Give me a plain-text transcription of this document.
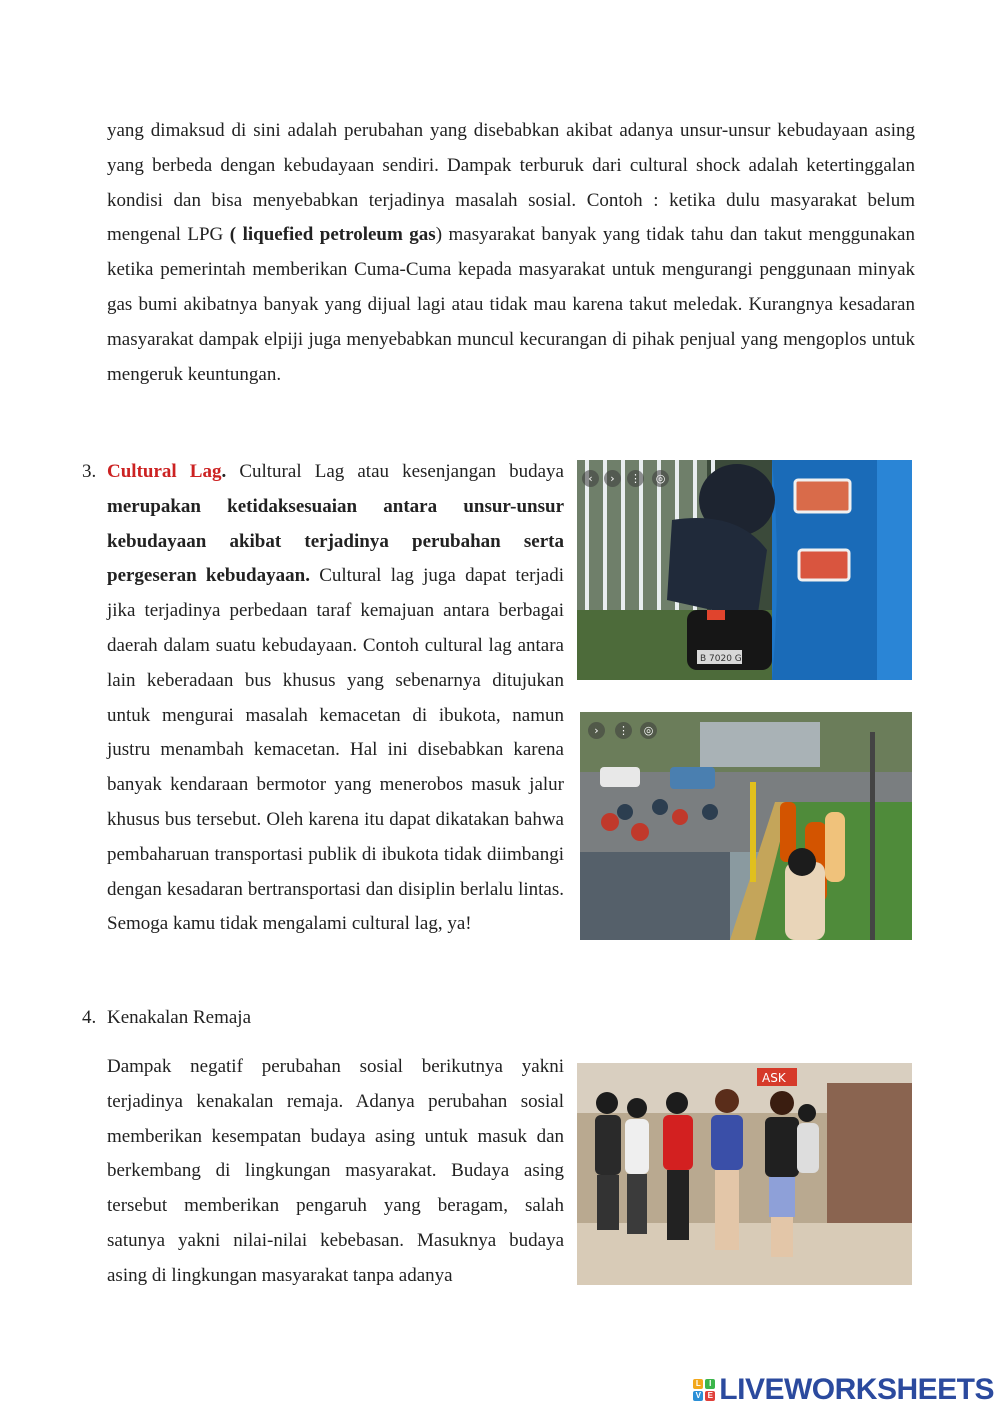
yang dimaksud di sini adalah perubahan yang disebabkan akibat adanya unsur-unsur kebudayaan asing yang berbeda dengan kebudayaan sendiri. Dampak terburuk dari cultural shock adalah ketertinggalan kondisi dan bisa menyebabkan terjadinya masalah sosial. Contoh : ketika dulu masyarakat belum mengenal LPG ( liquefied petroleum gas) masyarakat banyak yang tidak tahu dan takut menggunakan ketika pemerintah memberikan Cuma-Cuma kepada masyarakat untuk mengurangi penggunaan minyak gas bumi akibatnya banyak yang dijual lagi atau tidak mau karena takut meledak. Kurangnya kesadaran masyarakat dampak elpiji juga menyebabkan muncul kecurangan di pihak penjual yang mengoplos untuk mengeruk keuntungan.

3. Cultural Lag. Cultural Lag atau kesenjangan budaya merupakan ketidaksesuaian antara unsur-unsur kebudayaan akibat terjadinya perubahan serta pergeseran kebudayaan. Cultural lag juga dapat terjadi jika terjadinya perbedaan taraf kemajuan antara berbagai daerah dalam suatu kebudayaan. Contoh cultural lag antara lain keberadaan bus khusus yang sebenarnya ditujukan untuk mengurai masalah kemacetan di ibukota, namun justru menambah kemacetan. Hal ini disebabkan karena banyak kendaraan bermotor yang menerobos masuk jalur khusus bus tersebut. Oleh karena itu dapat dikatakan bahwa pembaharuan transportasi publik di ibukota tidak diimbangi dengan kesadaran bertransportasi dan disiplin berlalu lintas. Semoga kamu tidak mengalami cultural lag, ya!

B 7020 G
‹	›	⋮	◎
›	⋮	◎
4. Kenakalan Remaja

Dampak negatif perubahan sosial berikutnya yakni terjadinya kenakalan remaja. Adanya perubahan sosial memberikan kesempatan budaya asing untuk masuk dan berkembang di lingkungan masyarakat. Budaya asing tersebut memberikan pengaruh yang beragam, salah satunya yakni nilai-nilai kebebasan. Masuknya budaya asing di lingkungan masyarakat tanpa adanya

ASK
L	I
V E LIVEWORKSHEETS
